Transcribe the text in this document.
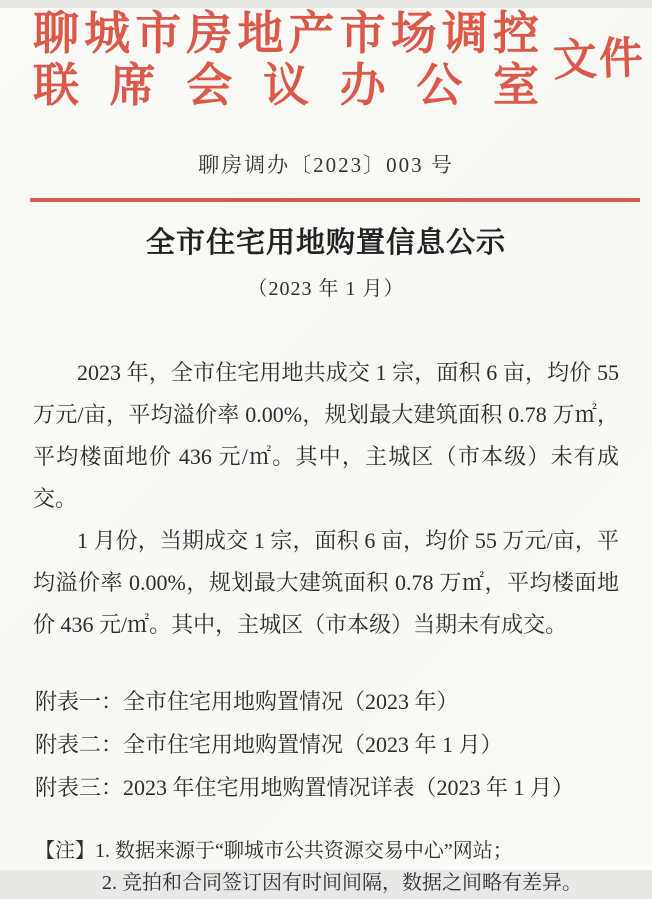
聊城市房地产市场调控
联席会议办公室 文件
聊房调办〔2023〕003 号
全市住宅用地购置信息公示
（2023 年 1 月）

2023 年，全市住宅用地共成交 1 宗，面积 6 亩，均价 55 万元/亩，平均溢价率 0.00%，规划最大建筑面积 0.78 万㎡，平均楼面地价 436 元/㎡。其中，主城区（市本级）未有成交。

1 月份，当期成交 1 宗，面积 6 亩，均价 55 万元/亩，平均溢价率 0.00%，规划最大建筑面积 0.78 万㎡，平均楼面地价 436 元/㎡。其中，主城区（市本级）当期未有成交。

附表一：全市住宅用地购置情况（2023 年）
附表二：全市住宅用地购置情况（2023 年 1 月）
附表三：2023 年住宅用地购置情况详表（2023 年 1 月）
【注】1. 数据来源于“聊城市公共资源交易中心”网站；
2. 竞拍和合同签订因有时间间隔，数据之间略有差异。
